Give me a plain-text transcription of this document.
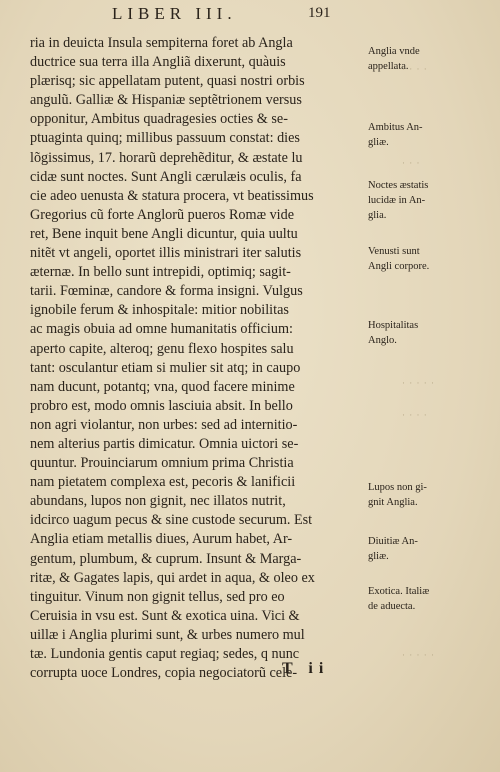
LIBER III.	191
ria in deuicta Insula sempiterna foret ab Angla
ductrice sua terra illa Angliã dixerunt, quàuis
plærisq; sic appellatam putent, quasi nostri orbis
angulũ. Galliæ & Hispaniæ septẽtrionem versus
opponitur, Ambitus quadragesies octies & se-
ptuaginta quinq; millibus passuum constat: dies
lõgissimus, 17. horarũ deprehẽditur, & æstate lu
cidæ sunt noctes. Sunt Angli cærulæis oculis, fa
cie adeo uenusta & statura procera, vt beatissimus
Gregorius cũ forte Anglorũ pueros Romæ vide
ret, Bene inquit bene Angli dicuntur, quia uultu
nitẽt vt angeli, oportet illis ministrari iter salutis
æternæ. In bello sunt intrepidi, optimiq; sagit-
tarii. Fœminæ, candore & forma insigni. Vulgus
ignobile ferum & inhospitale: mitior nobilitas
ac magis obuia ad omne humanitatis officium:
aperto capite, alteroq; genu flexo hospites salu
tant: osculantur etiam si mulier sit atq; in caupo
nam ducunt, potantq; vna, quod facere minime
probro est, modo omnis lasciuia absit. In bello
non agri violantur, non urbes: sed ad internitio-
nem alterius partis dimicatur. Omnia uictori se-
quuntur. Prouinciarum omnium prima Christia
nam pietatem complexa est, pecoris & lanificii
abundans, lupos non gignit, nec illatos nutrit,
idcirco uagum pecus & sine custode securum. Est
Anglia etiam metallis diues, Aurum habet, Ar-
gentum, plumbum, & cuprum. Insunt & Marga-
ritæ, & Gagates lapis, qui ardet in aqua, & oleo ex
tinguitur. Vinum non gignit tellus, sed pro eo
Ceruisia in vsu est. Sunt & exotica uina. Vici &
uillæ i Anglia plurimi sunt, & urbes numero mul
tæ. Lundonia gentis caput regiaq; sedes, q nunc
corrupta uoce Londres, copia negociatorũ cele-
Anglia vnde
appellata.
Ambitus An-
gliæ.
Noctes æstatis
lucidæ in An-
glia.
Venusti sunt
Angli corpore.
Hospitalitas
Anglo.
Lupos non gi-
gnit Anglia.
Diuitiæ An-
gliæ.
Exotica. Italiæ
de aduecta.
· · · ·
· · ·
· · · · ·
· · · ·
· · · · ·
T ii
